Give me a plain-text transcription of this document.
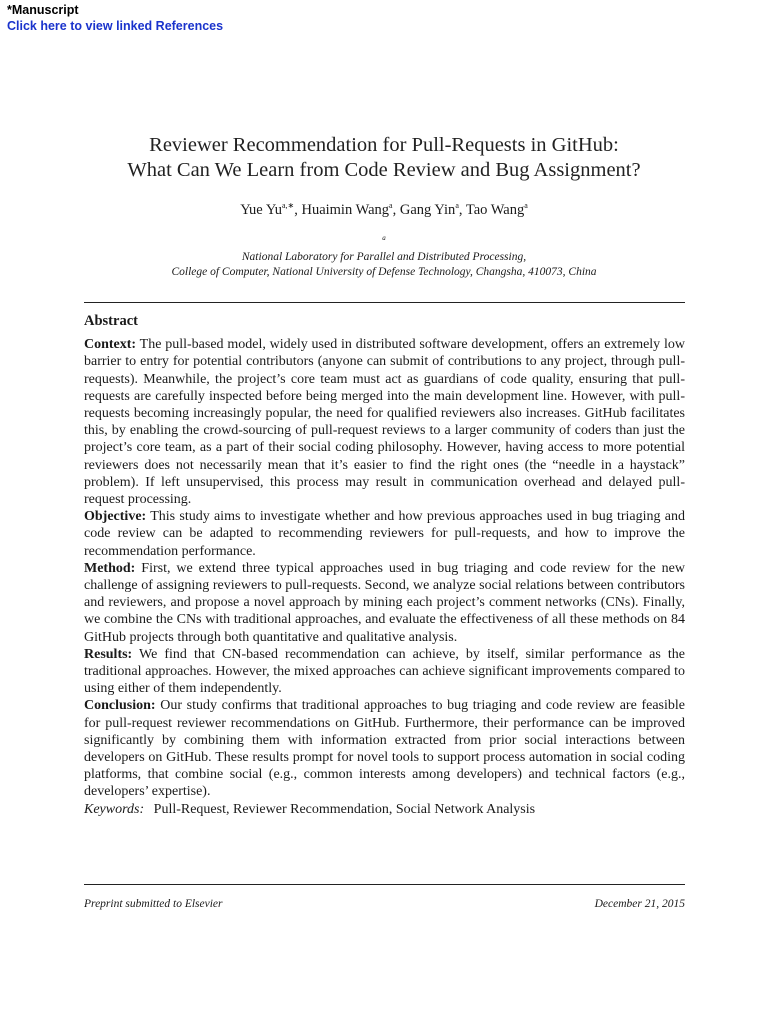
*Manuscript
Click here to view linked References
Reviewer Recommendation for Pull-Requests in GitHub:
What Can We Learn from Code Review and Bug Assignment?
Yue $Yu^{a,∗}$, Huaimin Wang$^a$, Gang Yin$^a$, Tao Wang$^a$
$^a$
National Laboratory for Parallel and Distributed Processing,
College of Computer, National University of Defense Technology, Changsha, 410073, China
Abstract

Context: The pull-based model, widely used in distributed software development, offers an extremely low barrier to entry for potential contributors (anyone can submit of contributions to any project, through pull-requests). Meanwhile, the project’s core team must act as guardians of code quality, ensuring that pull-requests are carefully inspected before being merged into the main development line. However, with pull-requests becoming increasingly popular, the need for qualified reviewers also increases. GitHub facilitates this, by enabling the crowd-sourcing of pull-request reviews to a larger community of coders than just the project’s core team, as a part of their social coding philosophy. However, having access to more potential reviewers does not necessarily mean that it’s easier to find the right ones (the “needle in a haystack” problem). If left unsupervised, this process may result in communication overhead and delayed pull-request processing.

Objective: This study aims to investigate whether and how previous approaches used in bug triaging and code review can be adapted to recommending reviewers for pull-requests, and how to improve the recommendation performance.

Method: First, we extend three typical approaches used in bug triaging and code review for the new challenge of assigning reviewers to pull-requests. Second, we analyze social relations between contributors and reviewers, and propose a novel approach by mining each project’s comment networks (CNs). Finally, we combine the CNs with traditional approaches, and evaluate the effectiveness of all these methods on 84 GitHub projects through both quantitative and qualitative analysis.

Results: We find that CN-based recommendation can achieve, by itself, similar performance as the traditional approaches. However, the mixed approaches can achieve significant improvements compared to using either of them independently.

Conclusion: Our study confirms that traditional approaches to bug triaging and code review are feasible for pull-request reviewer recommendations on GitHub. Furthermore, their performance can be improved significantly by combining them with information extracted from prior social interactions between developers on GitHub. These results prompt for novel tools to support process automation in social coding platforms, that combine social (e.g., common interests among developers) and technical factors (e.g., developers’ expertise).

Keywords: Pull-Request, Reviewer Recommendation, Social Network Analysis

Preprint submitted to Elsevier	December 21, 2015
